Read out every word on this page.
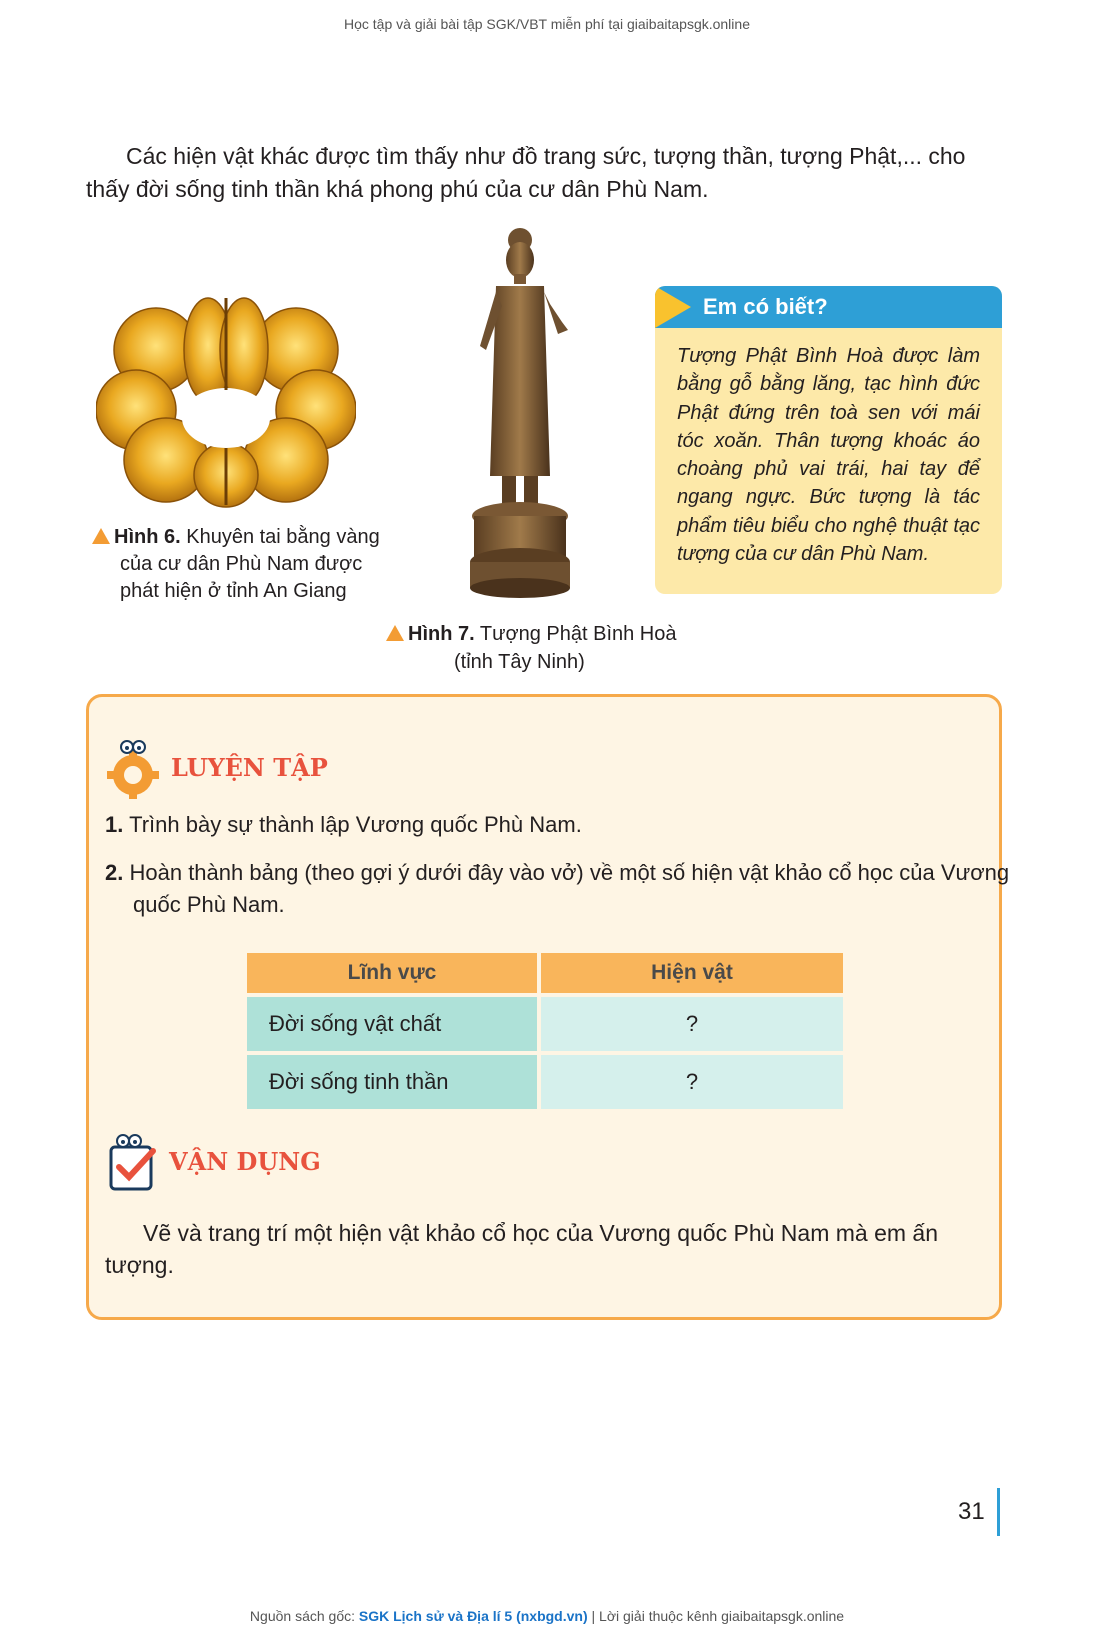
Học tập và giải bài tập SGK/VBT miễn phí tại giaibaitapsgk.online

Các hiện vật khác được tìm thấy như đồ trang sức, tượng thần, tượng Phật,... cho thấy đời sống tinh thần khá phong phú của cư dân Phù Nam.

Hình 6. Khuyên tai bằng vàng
của cư dân Phù Nam được
phát hiện ở tỉnh An Giang
Hình 7. Tượng Phật Bình Hoà
(tỉnh Tây Ninh)
Em có biết?
Tượng Phật Bình Hoà được làm bằng gỗ bằng lăng, tạc hình đức Phật đứng trên toà sen với mái tóc xoăn. Thân tượng khoác áo choàng phủ vai trái, hai tay để ngang ngực. Bức tượng là tác phẩm tiêu biểu cho nghệ thuật tạc tượng của cư dân Phù Nam.
LUYỆN TẬP
1. Trình bày sự thành lập Vương quốc Phù Nam.
2. Hoàn thành bảng (theo gợi ý dưới đây vào vở) về một số hiện vật khảo cổ học của Vương quốc Phù Nam.
Lĩnh vực	Hiện vật
Đời sống vật chất	?
Đời sống tinh thần	?
VẬN DỤNG

Vẽ và trang trí một hiện vật khảo cổ học của Vương quốc Phù Nam mà em ấn tượng.

31
Nguồn sách gốc: SGK Lịch sử và Địa lí 5 (nxbgd.vn) | Lời giải thuộc kênh giaibaitapsgk.online
